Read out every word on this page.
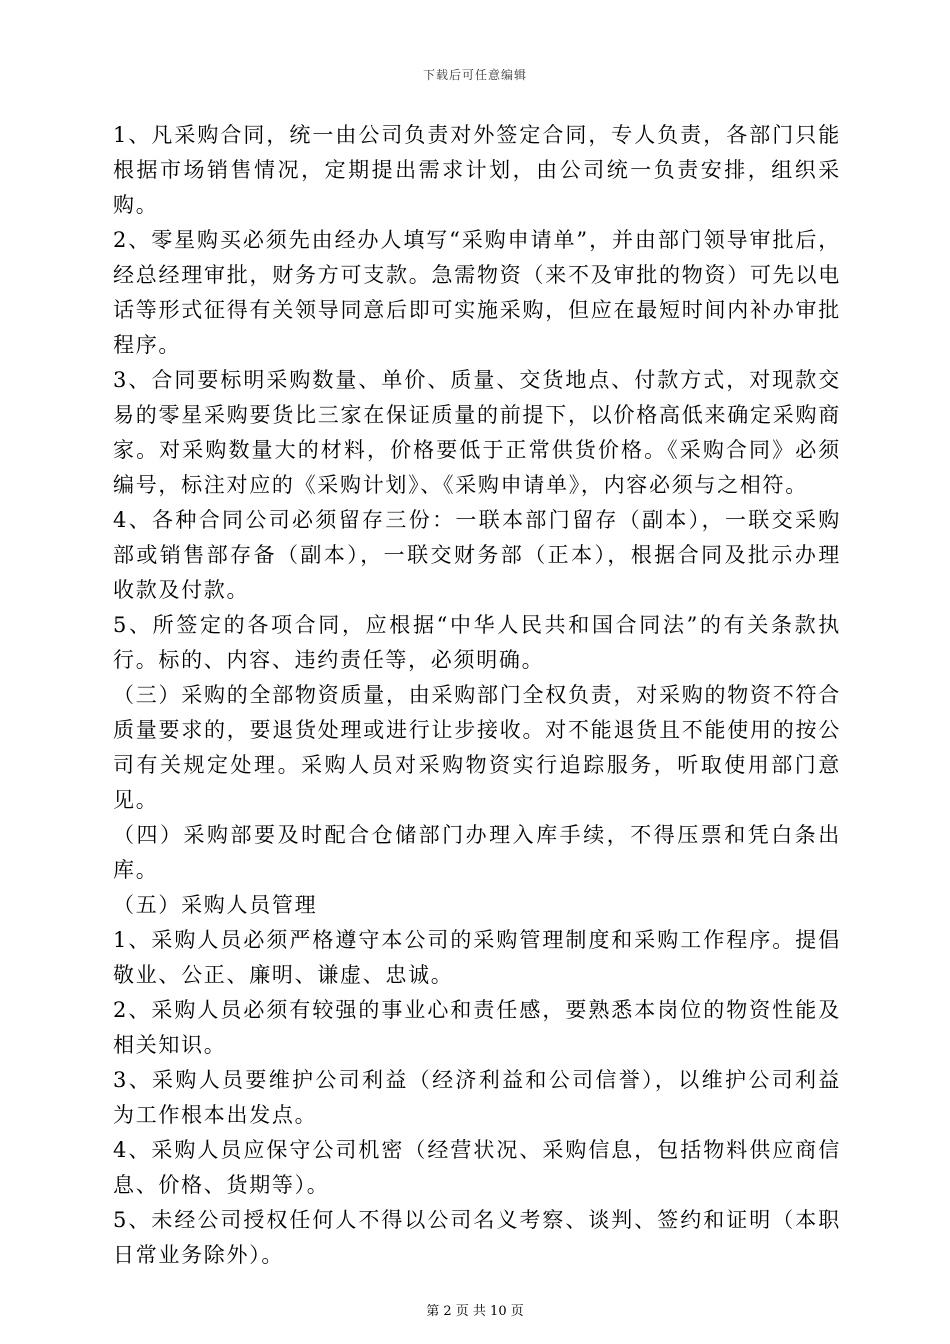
下载后可任意编辑

1、凡采购合同，统一由公司负责对外签定合同，专人负责，各部门只能根据市场销售情况，定期提出需求计划，由公司统一负责安排，组织采购。

2、零星购买必须先由经办人填写“采购申请单”，并由部门领导审批后，经总经理审批，财务方可支款。急需物资（来不及审批的物资）可先以电话等形式征得有关领导同意后即可实施采购，但应在最短时间内补办审批程序。

3、合同要标明采购数量、单价、质量、交货地点、付款方式，对现款交易的零星采购要货比三家在保证质量的前提下，以价格高低来确定采购商家。对采购数量大的材料，价格要低于正常供货价格。《采购合同》必须编号，标注对应的《采购计划》、《采购申请单》，内容必须与之相符。

4、各种合同公司必须留存三份：一联本部门留存（副本），一联交采购部或销售部存备（副本），一联交财务部（正本），根据合同及批示办理收款及付款。

5、所签定的各项合同，应根据“中华人民共和国合同法”的有关条款执行。标的、内容、违约责任等，必须明确。

（三）采购的全部物资质量，由采购部门全权负责，对采购的物资不符合质量要求的，要退货处理或进行让步接收。对不能退货且不能使用的按公司有关规定处理。采购人员对采购物资实行追踪服务，听取使用部门意见。

（四）采购部要及时配合仓储部门办理入库手续，不得压票和凭白条出库。

（五）采购人员管理

1、采购人员必须严格遵守本公司的采购管理制度和采购工作程序。提倡敬业、公正、廉明、谦虚、忠诚。

2、采购人员必须有较强的事业心和责任感，要熟悉本岗位的物资性能及相关知识。

3、采购人员要维护公司利益（经济利益和公司信誉），以维护公司利益为工作根本出发点。

4、采购人员应保守公司机密（经营状况、采购信息，包括物料供应商信息、价格、货期等）。

5、未经公司授权任何人不得以公司名义考察、谈判、签约和证明（本职日常业务除外）。

第 2 页 共 10 页
